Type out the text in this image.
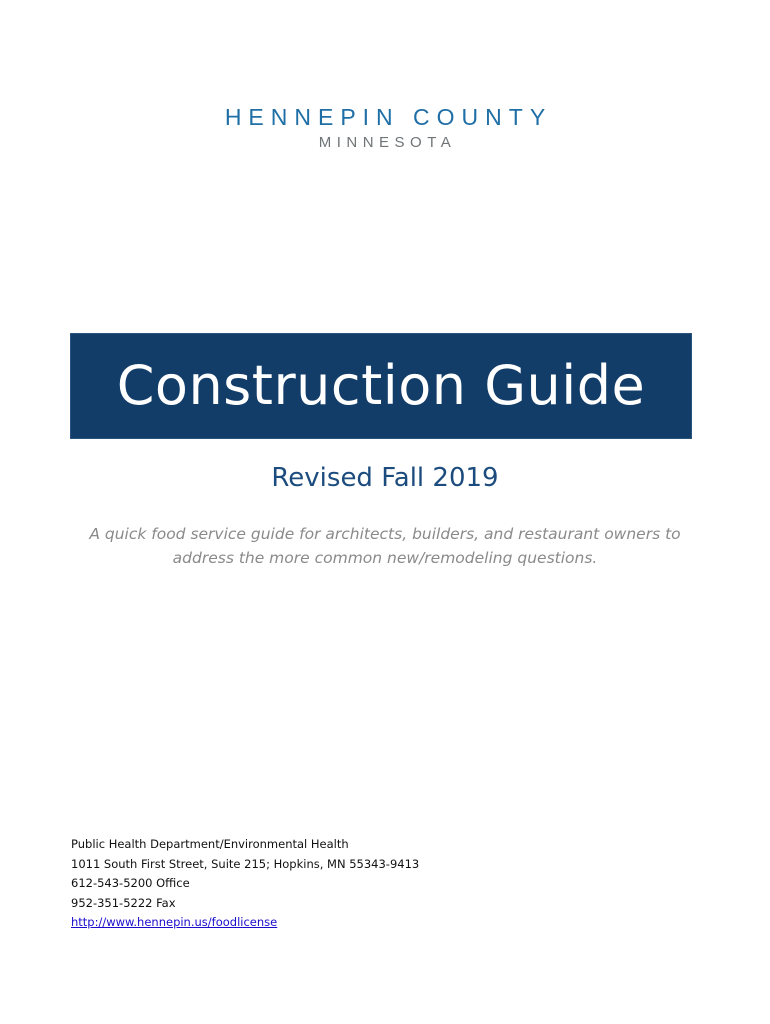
HENNEPIN COUNTY
MINNESOTA
Construction Guide
Revised Fall 2019
A quick food service guide for architects, builders, and restaurant owners to address the more common new/remodeling questions.
Public Health Department/Environmental Health
1011 South First Street, Suite 215; Hopkins, MN 55343-9413
612-543-5200 Office
952-351-5222 Fax
http://www.hennepin.us/foodlicense
